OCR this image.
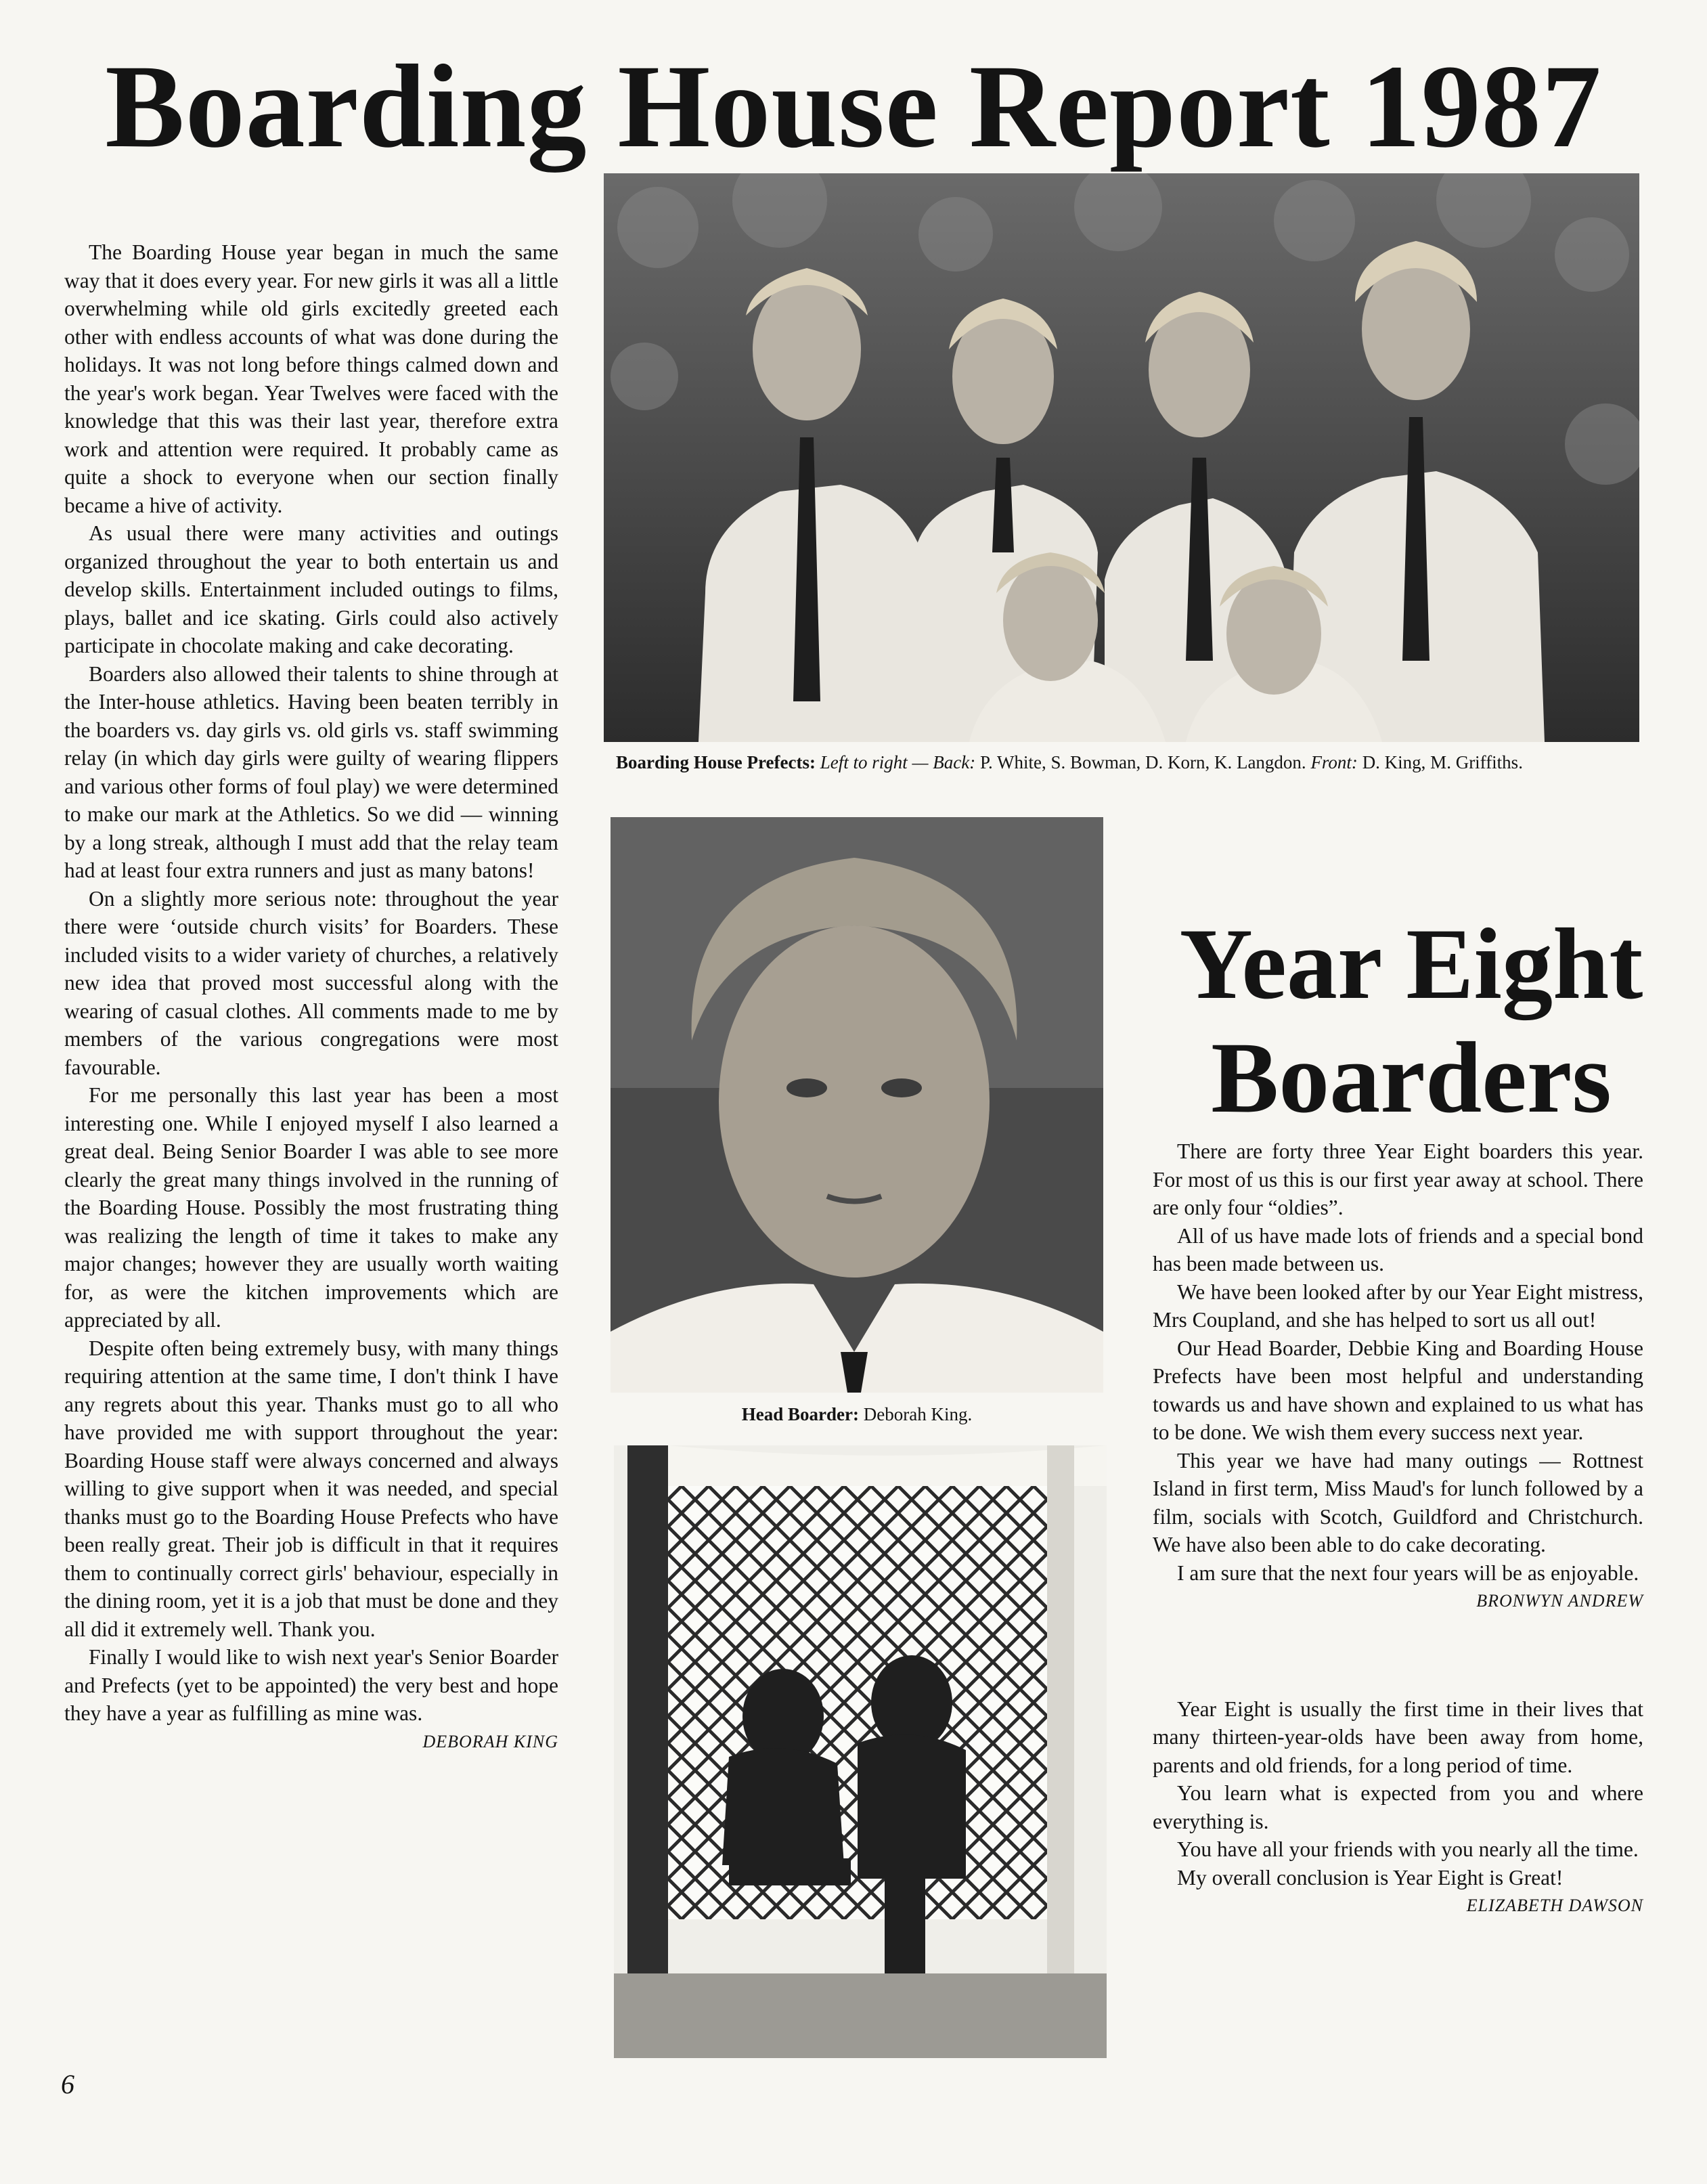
Boarding House Report 1987

The Boarding House year began in much the same way that it does every year. For new girls it was all a little overwhelming while old girls excitedly greeted each other with endless accounts of what was done during the holidays. It was not long before things calmed down and the year's work began. Year Twelves were faced with the knowledge that this was their last year, therefore extra work and attention were required. It probably came as quite a shock to everyone when our section finally became a hive of activity.

As usual there were many activities and outings organized throughout the year to both entertain us and develop skills. Entertainment included outings to films, plays, ballet and ice skating. Girls could also actively participate in chocolate making and cake decorating.

Boarders also allowed their talents to shine through at the Inter-house athletics. Having been beaten terribly in the boarders vs. day girls vs. old girls vs. staff swimming relay (in which day girls were guilty of wearing flippers and various other forms of foul play) we were determined to make our mark at the Athletics. So we did — winning by a long streak, although I must add that the relay team had at least four extra runners and just as many batons!

On a slightly more serious note: throughout the year there were ‘outside church visits’ for Boarders. These included visits to a wider variety of churches, a relatively new idea that proved most successful along with the wearing of casual clothes. All comments made to me by members of the various congregations were most favourable.

For me personally this last year has been a most interesting one. While I enjoyed myself I also learned a great deal. Being Senior Boarder I was able to see more clearly the great many things involved in the running of the Boarding House. Possibly the most frustrating thing was realizing the length of time it takes to make any major changes; however they are usually worth waiting for, as were the kitchen improvements which are appreciated by all.

Despite often being extremely busy, with many things requiring attention at the same time, I don't think I have any regrets about this year. Thanks must go to all who have provided me with support throughout the year: Boarding House staff were always concerned and always willing to give support when it was needed, and special thanks must go to the Boarding House Prefects who have been really great. Their job is difficult in that it requires them to continually correct girls' behaviour, especially in the dining room, yet it is a job that must be done and they all did it extremely well. Thank you.

Finally I would like to wish next year's Senior Boarder and Prefects (yet to be appointed) the very best and hope they have a year as fulfilling as mine was.

DEBORAH KING

Boarding House Prefects: Left to right — Back: P. White, S. Bowman, D. Korn, K. Langdon. Front: D. King, M. Griffiths.
Head Boarder: Deborah King.
Year Eight
Boarders

There are forty three Year Eight boarders this year. For most of us this is our first year away at school. There are only four “oldies”.

All of us have made lots of friends and a special bond has been made between us.

We have been looked after by our Year Eight mistress, Mrs Coupland, and she has helped to sort us all out!

Our Head Boarder, Debbie King and Boarding House Prefects have been most helpful and understanding towards us and have shown and explained to us what has to be done. We wish them every success next year.

This year we have had many outings — Rottnest Island in first term, Miss Maud's for lunch followed by a film, socials with Scotch, Guildford and Christchurch. We have also been able to do cake decorating.

I am sure that the next four years will be as enjoyable.

BRONWYN ANDREW

Year Eight is usually the first time in their lives that many thirteen-year-olds have been away from home, parents and old friends, for a long period of time.

You learn what is expected from you and where everything is.

You have all your friends with you nearly all the time.

My overall conclusion is Year Eight is Great!

ELIZABETH DAWSON

6
